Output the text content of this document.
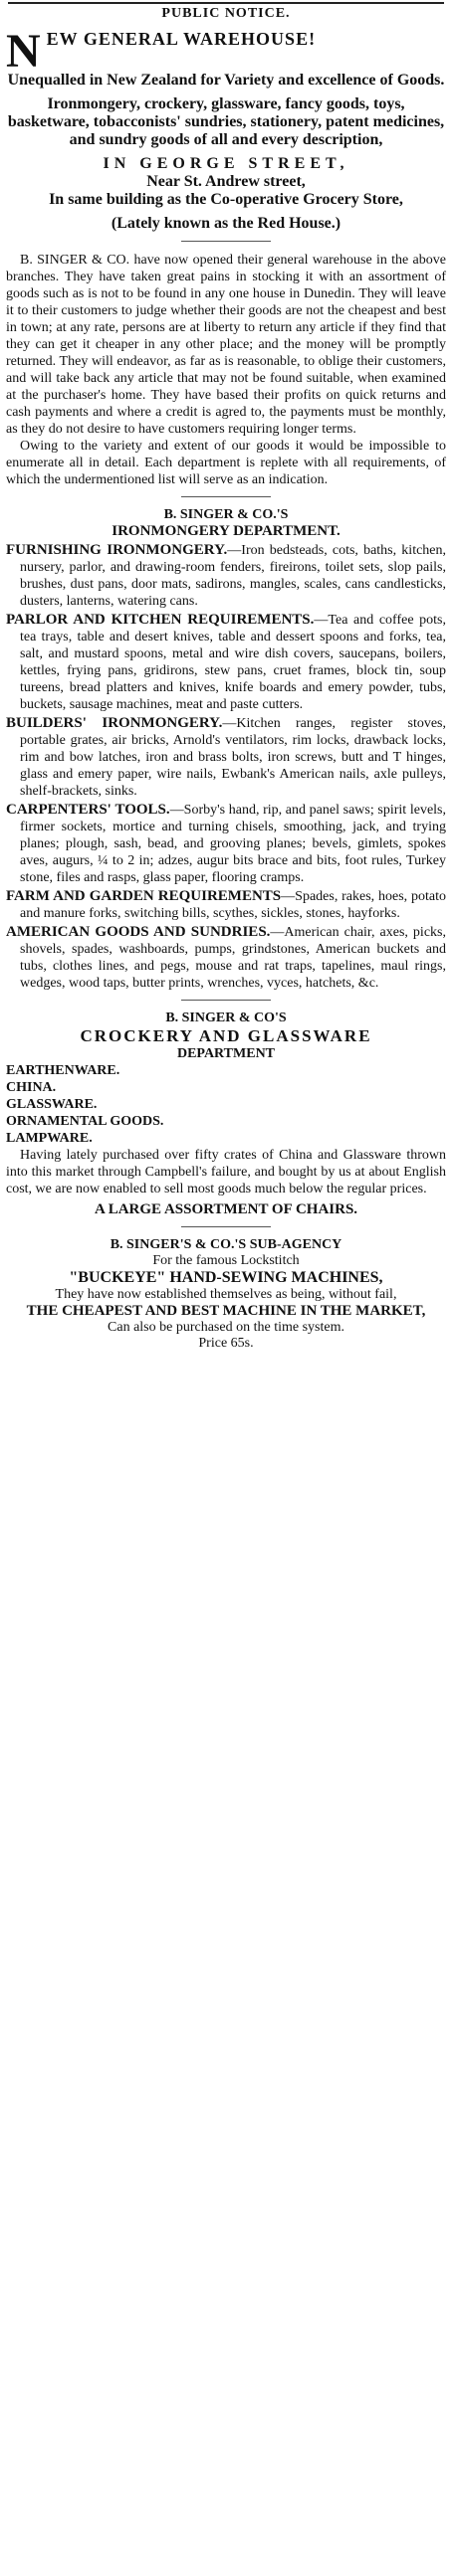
PUBLIC NOTICE.
N EW GENERAL WAREHOUSE!
Unequalled in New Zealand for Variety and excellence of Goods.
Ironmongery, crockery, glassware, fancy goods, toys, basketware, tobacconists' sundries, stationery, patent medicines, and sundry goods of all and every description,
IN GEORGE STREET,
Near St. Andrew street,
In same building as the Co-operative Grocery Store,
(Lately known as the Red House.)
B. SINGER & CO. have now opened their general warehouse in the above branches. They have taken great pains in stocking it with an assortment of goods such as is not to be found in any one house in Dunedin. They will leave it to their customers to judge whether their goods are not the cheapest and best in town; at any rate, persons are at liberty to return any article if they find that they can get it cheaper in any other place; and the money will be promptly returned. They will endeavor, as far as is reasonable, to oblige their customers, and will take back any article that may not be found suitable, when examined at the purchaser's home. They have based their profits on quick returns and cash payments and where a credit is agred to, the payments must be monthly, as they do not desire to have customers requiring longer terms.
Owing to the variety and extent of our goods it would be impossible to enumerate all in detail. Each department is replete with all requirements, of which the undermentioned list will serve as an indication.
B. SINGER & CO.'S
IRONMONGERY DEPARTMENT.
FURNISHING IRONMONGERY.—Iron bedsteads, cots, baths, kitchen, nursery, parlor, and drawing-room fenders, fireirons, toilet sets, slop pails, brushes, dust pans, door mats, sadirons, mangles, scales, cans candlesticks, dusters, lanterns, watering cans.
PARLOR AND KITCHEN REQUIREMENTS.—Tea and coffee pots, tea trays, table and desert knives, table and dessert spoons and forks, tea, salt, and mustard spoons, metal and wire dish covers, saucepans, boilers, kettles, frying pans, gridirons, stew pans, cruet frames, block tin, soup tureens, bread platters and knives, knife boards and emery powder, tubs, buckets, sausage machines, meat and paste cutters.
BUILDERS' IRONMONGERY.—Kitchen ranges, register stoves, portable grates, air bricks, Arnold's ventilators, rim locks, drawback locks, rim and bow latches, iron and brass bolts, iron screws, butt and T hinges, glass and emery paper, wire nails, Ewbank's American nails, axle pulleys, shelf-brackets, sinks.
CARPENTERS' TOOLS.—Sorby's hand, rip, and panel saws; spirit levels, firmer sockets, mortice and turning chisels, smoothing, jack, and trying planes; plough, sash, bead, and grooving planes; bevels, gimlets, spokes aves, augurs, ¼ to 2 in; adzes, augur bits brace and bits, foot rules, Turkey stone, files and rasps, glass paper, flooring cramps.
FARM AND GARDEN REQUIREMENTS—Spades, rakes, hoes, potato and manure forks, switching bills, scythes, sickles, stones, hayforks.
AMERICAN GOODS AND SUNDRIES.—American chair, axes, picks, shovels, spades, washboards, pumps, grindstones, American buckets and tubs, clothes lines, and pegs, mouse and rat traps, tapelines, maul rings, wedges, wood taps, butter prints, wrenches, vyces, hatchets, &c.
B. SINGER & CO'S
CROCKERY AND GLASSWARE
DEPARTMENT
EARTHENWARE.
CHINA.
GLASSWARE.
ORNAMENTAL GOODS.
LAMPWARE.
Having lately purchased over fifty crates of China and Glassware thrown into this market through Campbell's failure, and bought by us at about English cost, we are now enabled to sell most goods much below the regular prices.
A LARGE ASSORTMENT OF CHAIRS.
B. SINGER'S & CO.'S SUB-AGENCY
For the famous Lockstitch
"BUCKEYE" HAND-SEWING MACHINES,
They have now established themselves as being, without fail,
THE CHEAPEST AND BEST MACHINE IN THE MARKET,
Can also be purchased on the time system.
Price 65s.
